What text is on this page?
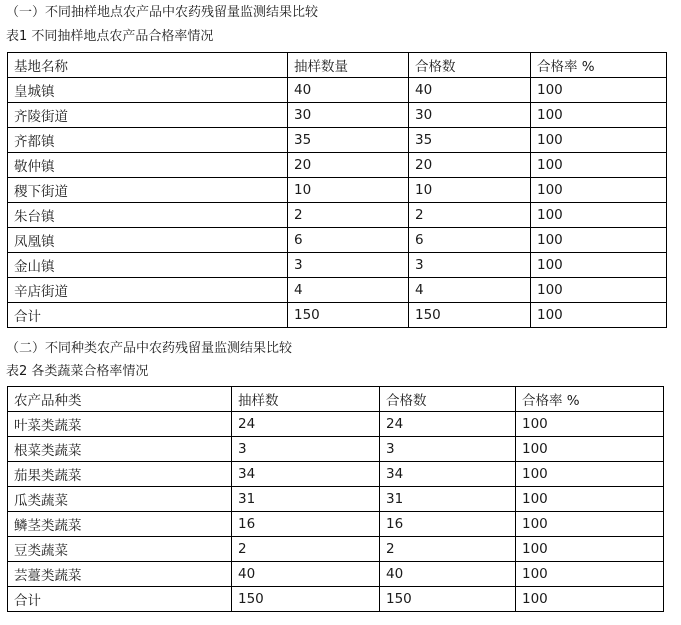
（一）不同抽样地点农产品中农药残留量监测结果比较
表1 不同抽样地点农产品合格率情况
基地名称	抽样数量	合格数	合格率 %
皇城镇	40	40	100
齐陵街道	30	30	100
齐都镇	35	35	100
敬仲镇	20	20	100
稷下街道	10	10	100
朱台镇	2	2	100
凤凰镇	6	6	100
金山镇	3	3	100
辛店街道	4	4	100
合计	150	150	100
（二）不同种类农产品中农药残留量监测结果比较
表2 各类蔬菜合格率情况
农产品种类	抽样数	合格数	合格率 %
叶菜类蔬菜	24	24	100
根菜类蔬菜	3	3	100
茄果类蔬菜	34	34	100
瓜类蔬菜	31	31	100
鳞茎类蔬菜	16	16	100
豆类蔬菜	2	2	100
芸薹类蔬菜	40	40	100
合计	150	150	100
